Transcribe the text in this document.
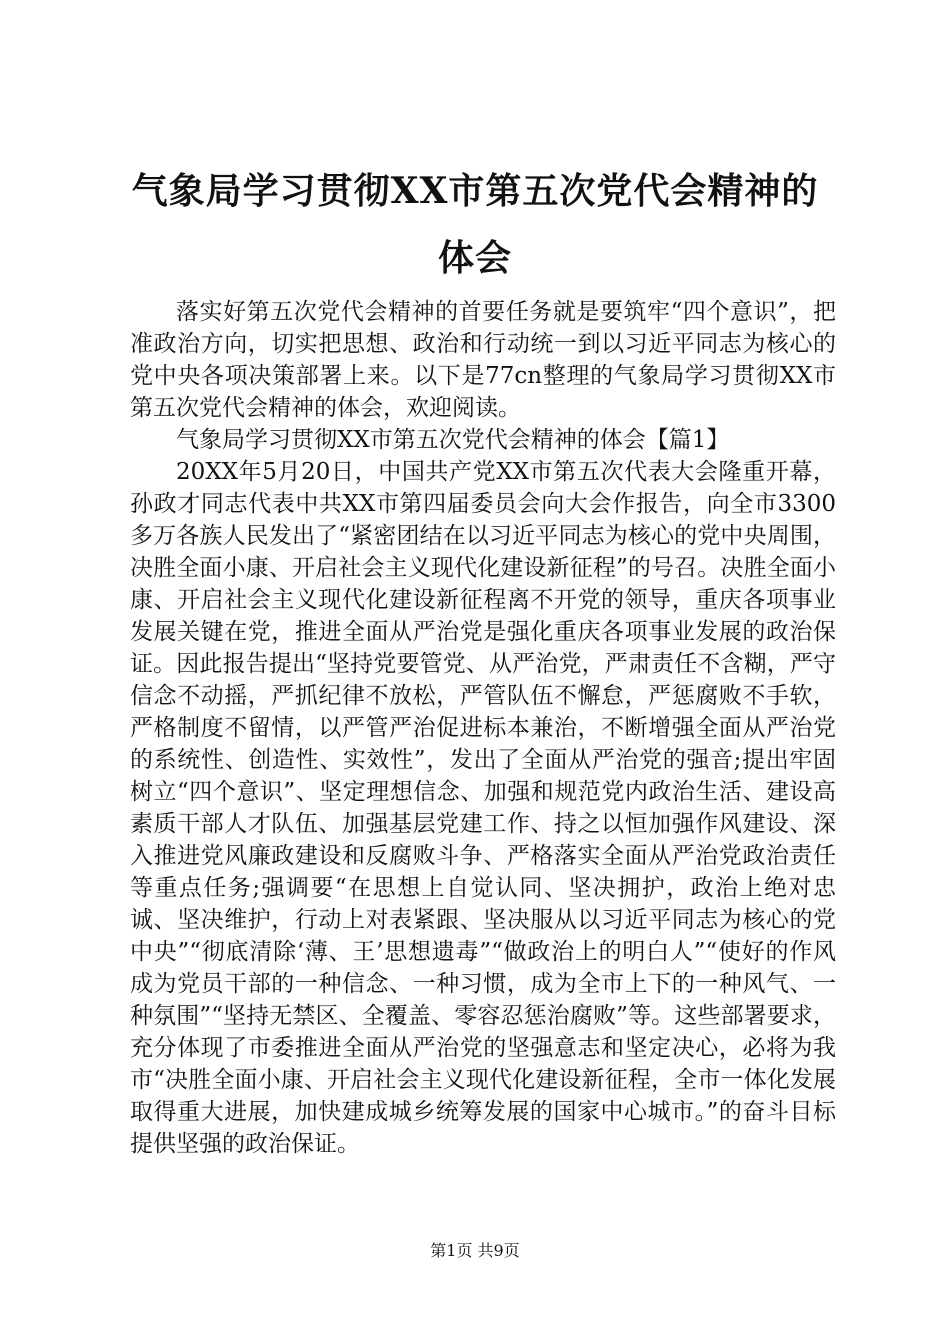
气象局学习贯彻XX市第五次党代会精神的体会

落实好第五次党代会精神的首要任务就是要筑牢“四个意识”，把准政治方向，切实把思想、政治和行动统一到以习近平同志为核心的党中央各项决策部署上来。以下是77cn整理的气象局学习贯彻XX市第五次党代会精神的体会，欢迎阅读。

气象局学习贯彻XX市第五次党代会精神的体会【篇1】

20XX年5月20日，中国共产党XX市第五次代表大会隆重开幕，孙政才同志代表中共XX市第四届委员会向大会作报告，向全市3300多万各族人民发出了“紧密团结在以习近平同志为核心的党中央周围，决胜全面小康、开启社会主义现代化建设新征程”的号召。决胜全面小康、开启社会主义现代化建设新征程离不开党的领导，重庆各项事业发展关键在党，推进全面从严治党是强化重庆各项事业发展的政治保证。因此报告提出“坚持党要管党、从严治党，严肃责任不含糊，严守信念不动摇，严抓纪律不放松，严管队伍不懈怠，严惩腐败不手软，严格制度不留情，以严管严治促进标本兼治，不断增强全面从严治党的系统性、创造性、实效性”，发出了全面从严治党的强音;提出牢固树立“四个意识”、坚定理想信念、加强和规范党内政治生活、建设高素质干部人才队伍、加强基层党建工作、持之以恒加强作风建设、深入推进党风廉政建设和反腐败斗争、严格落实全面从严治党政治责任等重点任务;强调要“在思想上自觉认同、坚决拥护，政治上绝对忠诚、坚决维护，行动上对表紧跟、坚决服从以习近平同志为核心的党中央”“彻底清除‘薄、王’思想遗毒”“做政治上的明白人”“使好的作风成为党员干部的一种信念、一种习惯，成为全市上下的一种风气、一种氛围”“坚持无禁区、全覆盖、零容忍惩治腐败”等。这些部署要求，充分体现了市委推进全面从严治党的坚强意志和坚定决心，必将为我市“决胜全面小康、开启社会主义现代化建设新征程，全市一体化发展取得重大进展，加快建成城乡统筹发展的国家中心城市。”的奋斗目标提供坚强的政治保证。

第1页 共9页
